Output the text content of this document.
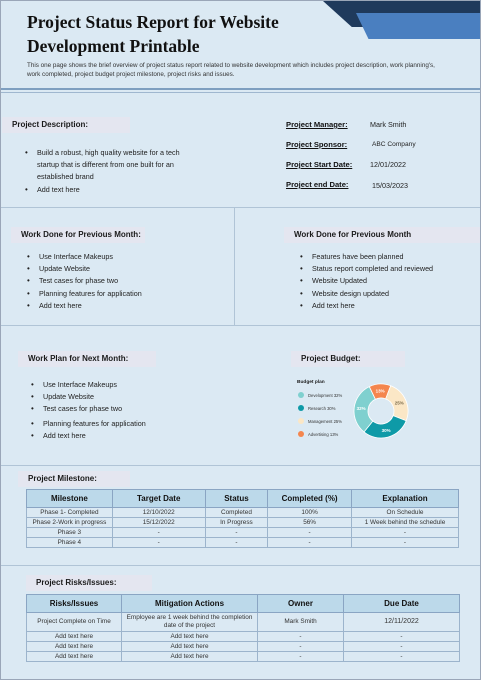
Project Status Report for Website Development Printable
This one page shows the brief overview of project status report related to website development which includes project description, work planning's, work completed, project budget project milestone, project risks and issues.
Project Description:
• Build a robust, high quality website for a tech startup that is different from one built for an established brand
• Add text here
Project Manager:	Mark Smith
Project Sponsor:	ABC Company
Project Start Date: 12/01/2022
Project end Date:	15/03/2023
Work Done for Previous Month:
• Use Interface Makeups
• Update Website
• Test cases for phase two
• Planning features for application
• Add text here
Work Done for Previous Month
• Features have been planned
• Status report completed and reviewed
• Website Updated
• Website design updated
• Add text here
Work Plan for Next Month:
• Use Interface Makeups
• Update Website
• Test cases for phase two
• Planning features for application
• Add text here
Project Budget:
Budget plan
Development 32%
Research 30%
Management 25%
Advertising 13%
13%
25%
30%
32%
Project Milestone:
Milestone	Target Date	Status	Completed (%)	Explanation
Phase 1- Completed	12/10/2022	Completed	100%	On Schedule
Phase 2-Work in progress	15/12/2022	In Progress	56%	1 Week behind the schedule
Phase 3	-	-	-	-
Phase 4	-	-	-	-
Project Risks/Issues:
Risks/Issues	Mitigation Actions	Owner	Due Date
Project Complete on Time	Employee are 1 week behind the completion date of the project	Mark Smith	12/11/2022
Add text here	Add text here	-	-
Add text here	Add text here	-	-
Add text here	Add text here	-	-
